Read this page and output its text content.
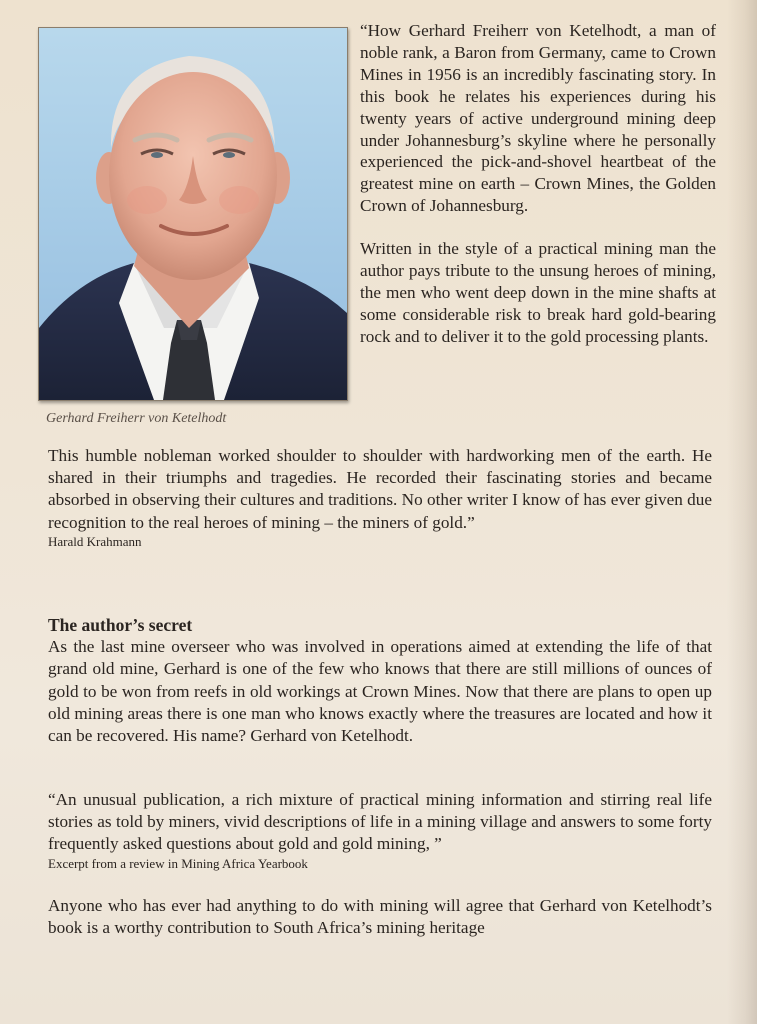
Gerhard Freiherr von Ketelhodt

“How Gerhard Freiherr von Ketelhodt, a man of noble rank, a Baron from Germany, came to Crown Mines in 1956 is an incredibly fascinating story. In this book he relates his experiences during his twenty years of active underground mining deep under Johannesburg’s skyline where he personally experienced the pick-and-shovel heartbeat of the greatest mine on earth – Crown Mines, the Golden Crown of Johannesburg.

Written in the style of a practical mining man the author pays tribute to the unsung heroes of mining, the men who went deep down in the mine shafts at some considerable risk to break hard gold-bearing rock and to deliver it to the gold processing plants.

This humble nobleman worked shoulder to shoulder with hardworking men of the earth. He shared in their triumphs and tragedies. He recorded their fascinating stories and became absorbed in observing their cultures and traditions. No other writer I know of has ever given due recognition to the real heroes of mining – the miners of gold.”

Harald Krahmann

The author’s secret

As the last mine overseer who was involved in operations aimed at extending the life of that grand old mine, Gerhard is one of the few who knows that there are still millions of ounces of gold to be won from reefs in old workings at Crown Mines. Now that there are plans to open up old mining areas there is one man who knows exactly where the treasures are located and how it can be recovered. His name? Gerhard von Ketelhodt.

“An unusual publication, a rich mixture of practical mining information and stirring real life stories as told by miners, vivid descriptions of life in a mining village and answers to some forty frequently asked questions about gold and gold mining, ”

Excerpt from a review in Mining Africa Yearbook

Anyone who has ever had anything to do with mining will agree that Gerhard von Ketelhodt’s book is a worthy contribution to South Africa’s mining heritage
